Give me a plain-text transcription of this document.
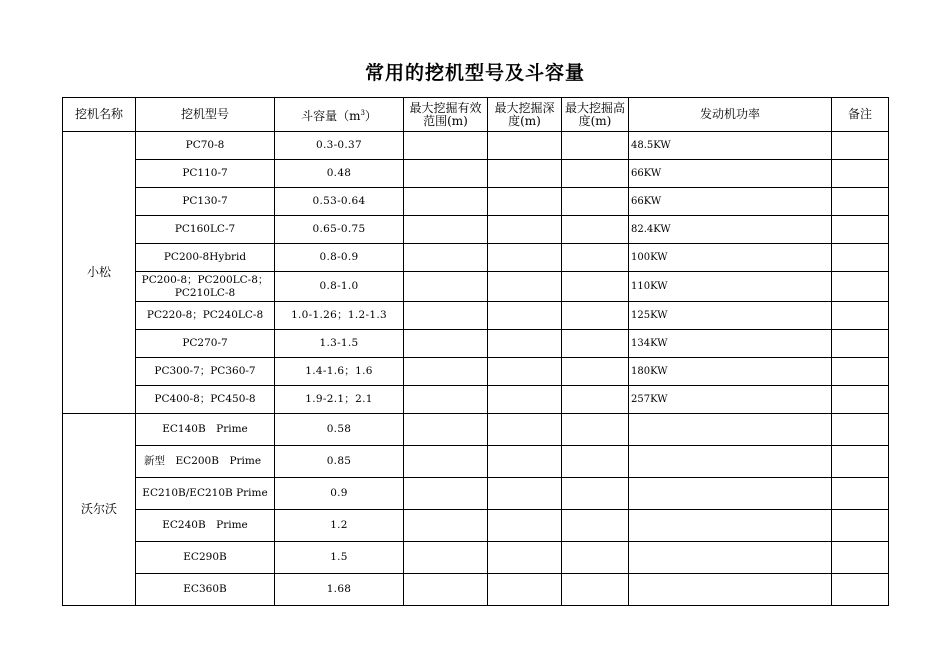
常用的挖机型号及斗容量
挖机名称	挖机型号	斗容量$(m^3)$	最大挖掘有效范围(m)	最大挖掘深度(m)	最大挖掘高度(m)	发动机功率	备注
小松	PC70-8	0.3-0.37				48.5KW	
	PC110-7	0.48				66KW	
	PC130-7	0.53-0.64				66KW	
	PC160LC-7	0.65-0.75				82.4KW	
	PC200-8Hybrid	0.8-0.9				100KW	
	PC200-8；PC200LC-8；PC210LC-8	0.8-1.0				110KW	
	PC220-8；PC240LC-8	1.0-1.26；1.2-1.3				125KW	
	PC270-7	1.3-1.5				134KW	
	PC300-7；PC360-7	1.4-1.6；1.6				180KW	
	PC400-8；PC450-8	1.9-2.1；2.1				257KW	
沃尔沃	EC140B　Prime	0.58					
	新型　EC200B　Prime	0.85					
	EC210B/EC210B Prime	0.9					
	EC240B　Prime	1.2					
	EC290B	1.5					
	EC360B	1.68					
